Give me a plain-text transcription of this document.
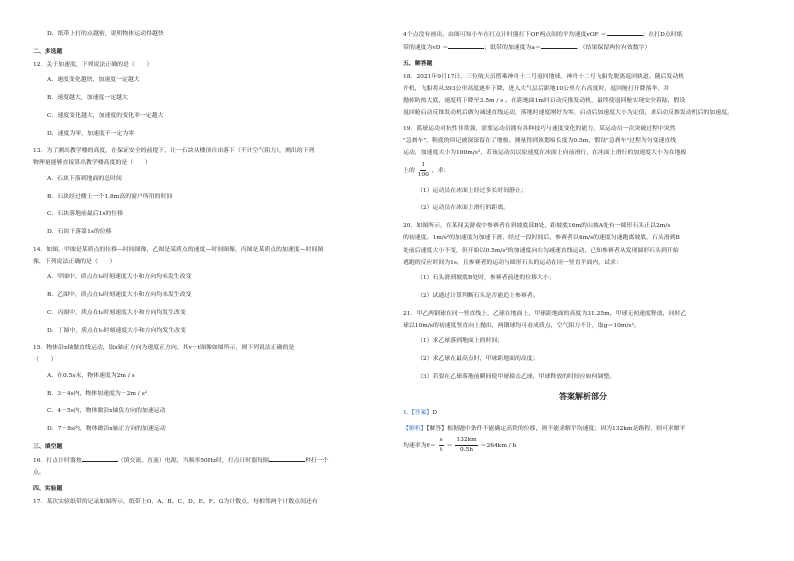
D．纸带上打的点越密，说明物体运动得越快

二、多选题

12．关于加速度，下列说法正确的是（　　）

A．速度变化越快，加速度一定越大

B．速度越大，加速度一定越大

C．速度变化越大，加速度的变化率一定越大

D．速度为零，加速度不一定为零

13．为了测出教学楼的高度，在保证安全的前提下，让一石块从楼顶自由落下（不计空气阻力），测出的下列

物理量能够直接算出教学楼高度的是（　　）

A．石块下落到地面的总时间

B．石块经过楼上一个1.8m高的窗户所用的时间

C．石块落地前最后1s的位移

D．石块下落第1s的位移

14．如图，甲图是某质点的位移—时间图像，乙图是某质点的速度—时间图像，丙图是某质点的加速度—时间图

像，下列说法正确的是（　　）

A．甲图中，质点在t₀时刻速度大小和方向均未发生改变

B．乙图中，质点在t₀时刻速度大小和方向均未发生改变

C．丙图中，质点在t₀时刻速度大小和方向均发生改变

D．丁图中，质点在t₀时刻速度大小和方向均发生改变

15．物体沿x轴做直线运动，取x轴正方向为速度正方向，其v－t图像如图所示，则下列说法正确的是

（　　）

A．在0.5s末，物体速度为2m / s

B．3－4s内，物体加速度为－2m / s²

C．4－5s内，物体做沿x轴负方向的加速运动

D．7－8s内，物体做沿x轴正方向的加速运动

三、填空题

16．打点计时器按	（填交流、直流）电源，当频率50Hz时，打点计时器每隔	秒打一个

点。

四、实验题

17．某次实验纸带的记录如图所示，纸带上O、A、B、C、D、E、F、G为计数点，每相邻两个计数点间还有

4个点没有画出，由图可知小车在打点计时器打下OF两点间的平均速度vOF ＝	；在打D点时纸

带的速度为vD ＝	；纸带的加速度为a＝	．（结果保留两位有效数字）

五、解答题

18．2021年9月17日，三位航天员搭乘神舟十二号返回地球。神舟十二号飞船先脱离返回轨道。随后发动机

开机，飞船将从393公里高度逐步下降，进入大气层后距地10公里左右高度时，返回舱打开降落伞，并

抛掉防热大底，速度将下降至3.5m / s 。在距地面1m时启动反推发动机，最终使返回舱实现安全着陆，假设

返回舱启动反推发动机后做匀减速直线运动，落地时速度刚好为零，启动后加速度大小为定值，求启动反推发动机后的加速度。

19．篮球运动对抗性非常强，需要运动员拥有各种技巧与速度变化的能力，某运动员一次突破过程中突然

"急刹车"，鞋底的印记被深深留在了地板。测量得到该划痕长度为0.5m，假设"急刹车"过程为匀变速直线

运动，加速度大小为100m/s²，若该运动员以原速度在冰面上向前滑行，在冰面上滑行的加速度大小为在地板

上的 $\frac{1}{100}$ ，求：

（1）运动员在冰面上经过多长时间静止；

（2）运动员在冰面上滑行的距离。

20．如图所示，在某闯关游戏中参赛者在斜坡底部B处，距坡底16m的山坡A处有一圆形石头正以2m/s

的初速度、1m/s²的加速度匀加速下滑，经过一段时间后，参赛者以4m/s的速度匀速跑离坡底，石头滑到B

处前后速度大小不变，但开始以0.5m/s²的加速度向右匀减速直线运动，已知参赛者从发现圆形石头到开始

逃跑的反应时间为1s，且参赛者的运动与圆形石头的运动在同一竖直平面内，试求：

（1）石头滑到坡底B处时，参赛者前进的位移大小；

（2）试通过计算判断石头是否能追上参赛者。

21．甲乙两钢球在同一竖直线上，乙球在地面上，甲球距地面的高度为31.25m，甲球无初速度释放，同时乙

球以10m/s的初速度竖直向上抛出，两钢球均可看成质点，空气阻力不计，取g＝10m/s²。

（1）求乙球落到地面上的时间；

（2）求乙球在最高点时，甲球距地面的高度；

（3）若要在乙球落地前瞬间使甲球撞击乙球，甲球释放的时间应如何调整。

答案解析部分

1.【答案】D

【解析】【解答】根据题中条件不能确定高铁的位移，则不能求解平均速度；因为132km是路程，则可求解平

均速率为v̄＝ $\frac{s}{t} = \frac{132km}{0.5h} =264km / h$
